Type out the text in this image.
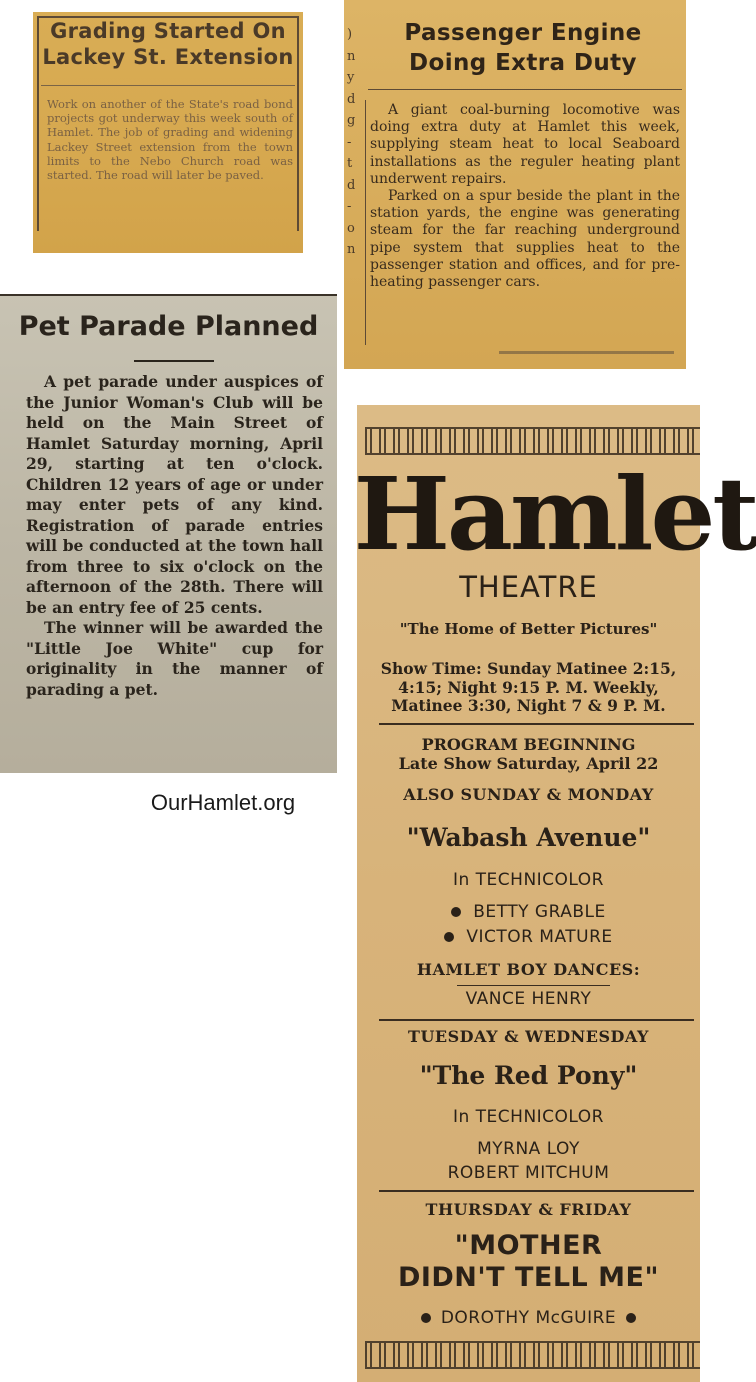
Grading Started On
Lackey St. Extension
Work on another of the State's road bond projects got underway this week south of Hamlet. The job of grading and widening Lackey Street extension from the town limits to the Nebo Church road was started. The road will later be paved.
)
n
y
d
g
-
t
d
-
o
n
Passenger Engine
Doing Extra Duty

A giant coal-burning locomotive was doing extra duty at Hamlet this week, supplying steam heat to local Seaboard installations as the reguler heating plant underwent repairs.

Parked on a spur beside the plant in the station yards, the engine was generating steam for the far reaching underground pipe system that supplies heat to the passenger station and offices, and for pre-heating passenger cars.

Pet Parade Planned

A pet parade under auspices of the Junior Woman's Club will be held on the Main Street of Hamlet Saturday morning, April 29, starting at ten o'clock. Children 12 years of age or under may enter pets of any kind. Registration of parade entries will be conducted at the town hall from three to six o'clock on the afternoon of the 28th. There will be an entry fee of 25 cents.

The winner will be awarded the "Little Joe White" cup for originality in the manner of parading a pet.

OurHamlet.org
Hamlet
THEATRE
"The Home of Better Pictures"
Show Time: Sunday Matinee 2:15,
4:15; Night 9:15 P. M. Weekly,
Matinee 3:30, Night 7 & 9 P. M.
PROGRAM BEGINNING
Late Show Saturday, April 22
ALSO SUNDAY & MONDAY
"Wabash Avenue"
In TECHNICOLOR
BETTY GRABLE
VICTOR MATURE
HAMLET BOY DANCES:
VANCE HENRY
TUESDAY & WEDNESDAY
"The Red Pony"
In TECHNICOLOR
MYRNA LOY
ROBERT MITCHUM
THURSDAY & FRIDAY
"MOTHER
DIDN'T TELL ME"
DOROTHY McGUIRE
